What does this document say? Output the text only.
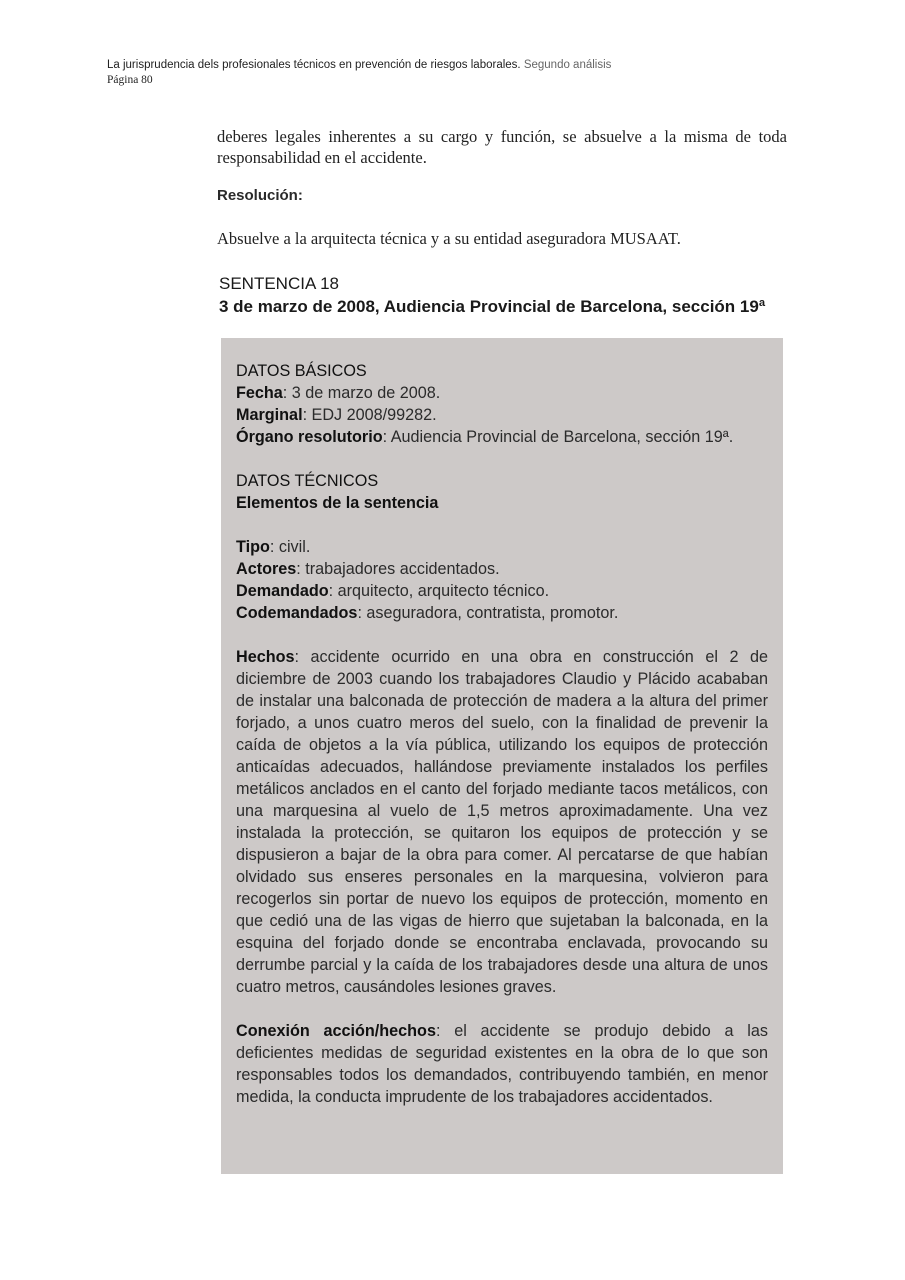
La jurisprudencia dels profesionales técnicos en prevención de riesgos laborales. Segundo análisis
Página 80
deberes legales inherentes a su cargo y función, se absuelve a la misma de toda responsabilidad en el accidente.
Resolución:
Absuelve a la arquitecta técnica y a su entidad aseguradora MUSAAT.
SENTENCIA 18
3 de marzo de 2008, Audiencia Provincial de Barcelona, sección 19ª
DATOS BÁSICOS
Fecha: 3 de marzo de 2008.
Marginal: EDJ 2008/99282.
Órgano resolutorio: Audiencia Provincial de Barcelona, sección 19ª.
DATOS TÉCNICOS
Elementos de la sentencia
Tipo: civil.
Actores: trabajadores accidentados.
Demandado: arquitecto, arquitecto técnico.
Codemandados: aseguradora, contratista, promotor.
Hechos: accidente ocurrido en una obra en construcción el 2 de diciembre de 2003 cuando los trabajadores Claudio y Plácido acababan de instalar una balconada de protección de madera a la altura del primer forjado, a unos cuatro meros del suelo, con la finalidad de prevenir la caída de objetos a la vía pública, utilizando los equipos de protección anticaídas adecuados, hallándose previamente instalados los perfiles metálicos anclados en el canto del forjado mediante tacos metálicos, con una marquesina al vuelo de 1,5 metros aproximadamente. Una vez instalada la protección, se quitaron los equipos de protección y se dispusieron a bajar de la obra para comer. Al percatarse de que habían olvidado sus enseres personales en la marquesina, volvieron para recogerlos sin portar de nuevo los equipos de protección, momento en que cedió una de las vigas de hierro que sujetaban la balconada, en la esquina del forjado donde se encontraba enclavada, provocando su derrumbe parcial y la caída de los trabajadores desde una altura de unos cuatro metros, causándoles lesiones graves.
Conexión acción/hechos: el accidente se produjo debido a las deficientes medidas de seguridad existentes en la obra de lo que son responsables todos los demandados, contribuyendo también, en menor medida, la conducta imprudente de los trabajadores accidentados.
